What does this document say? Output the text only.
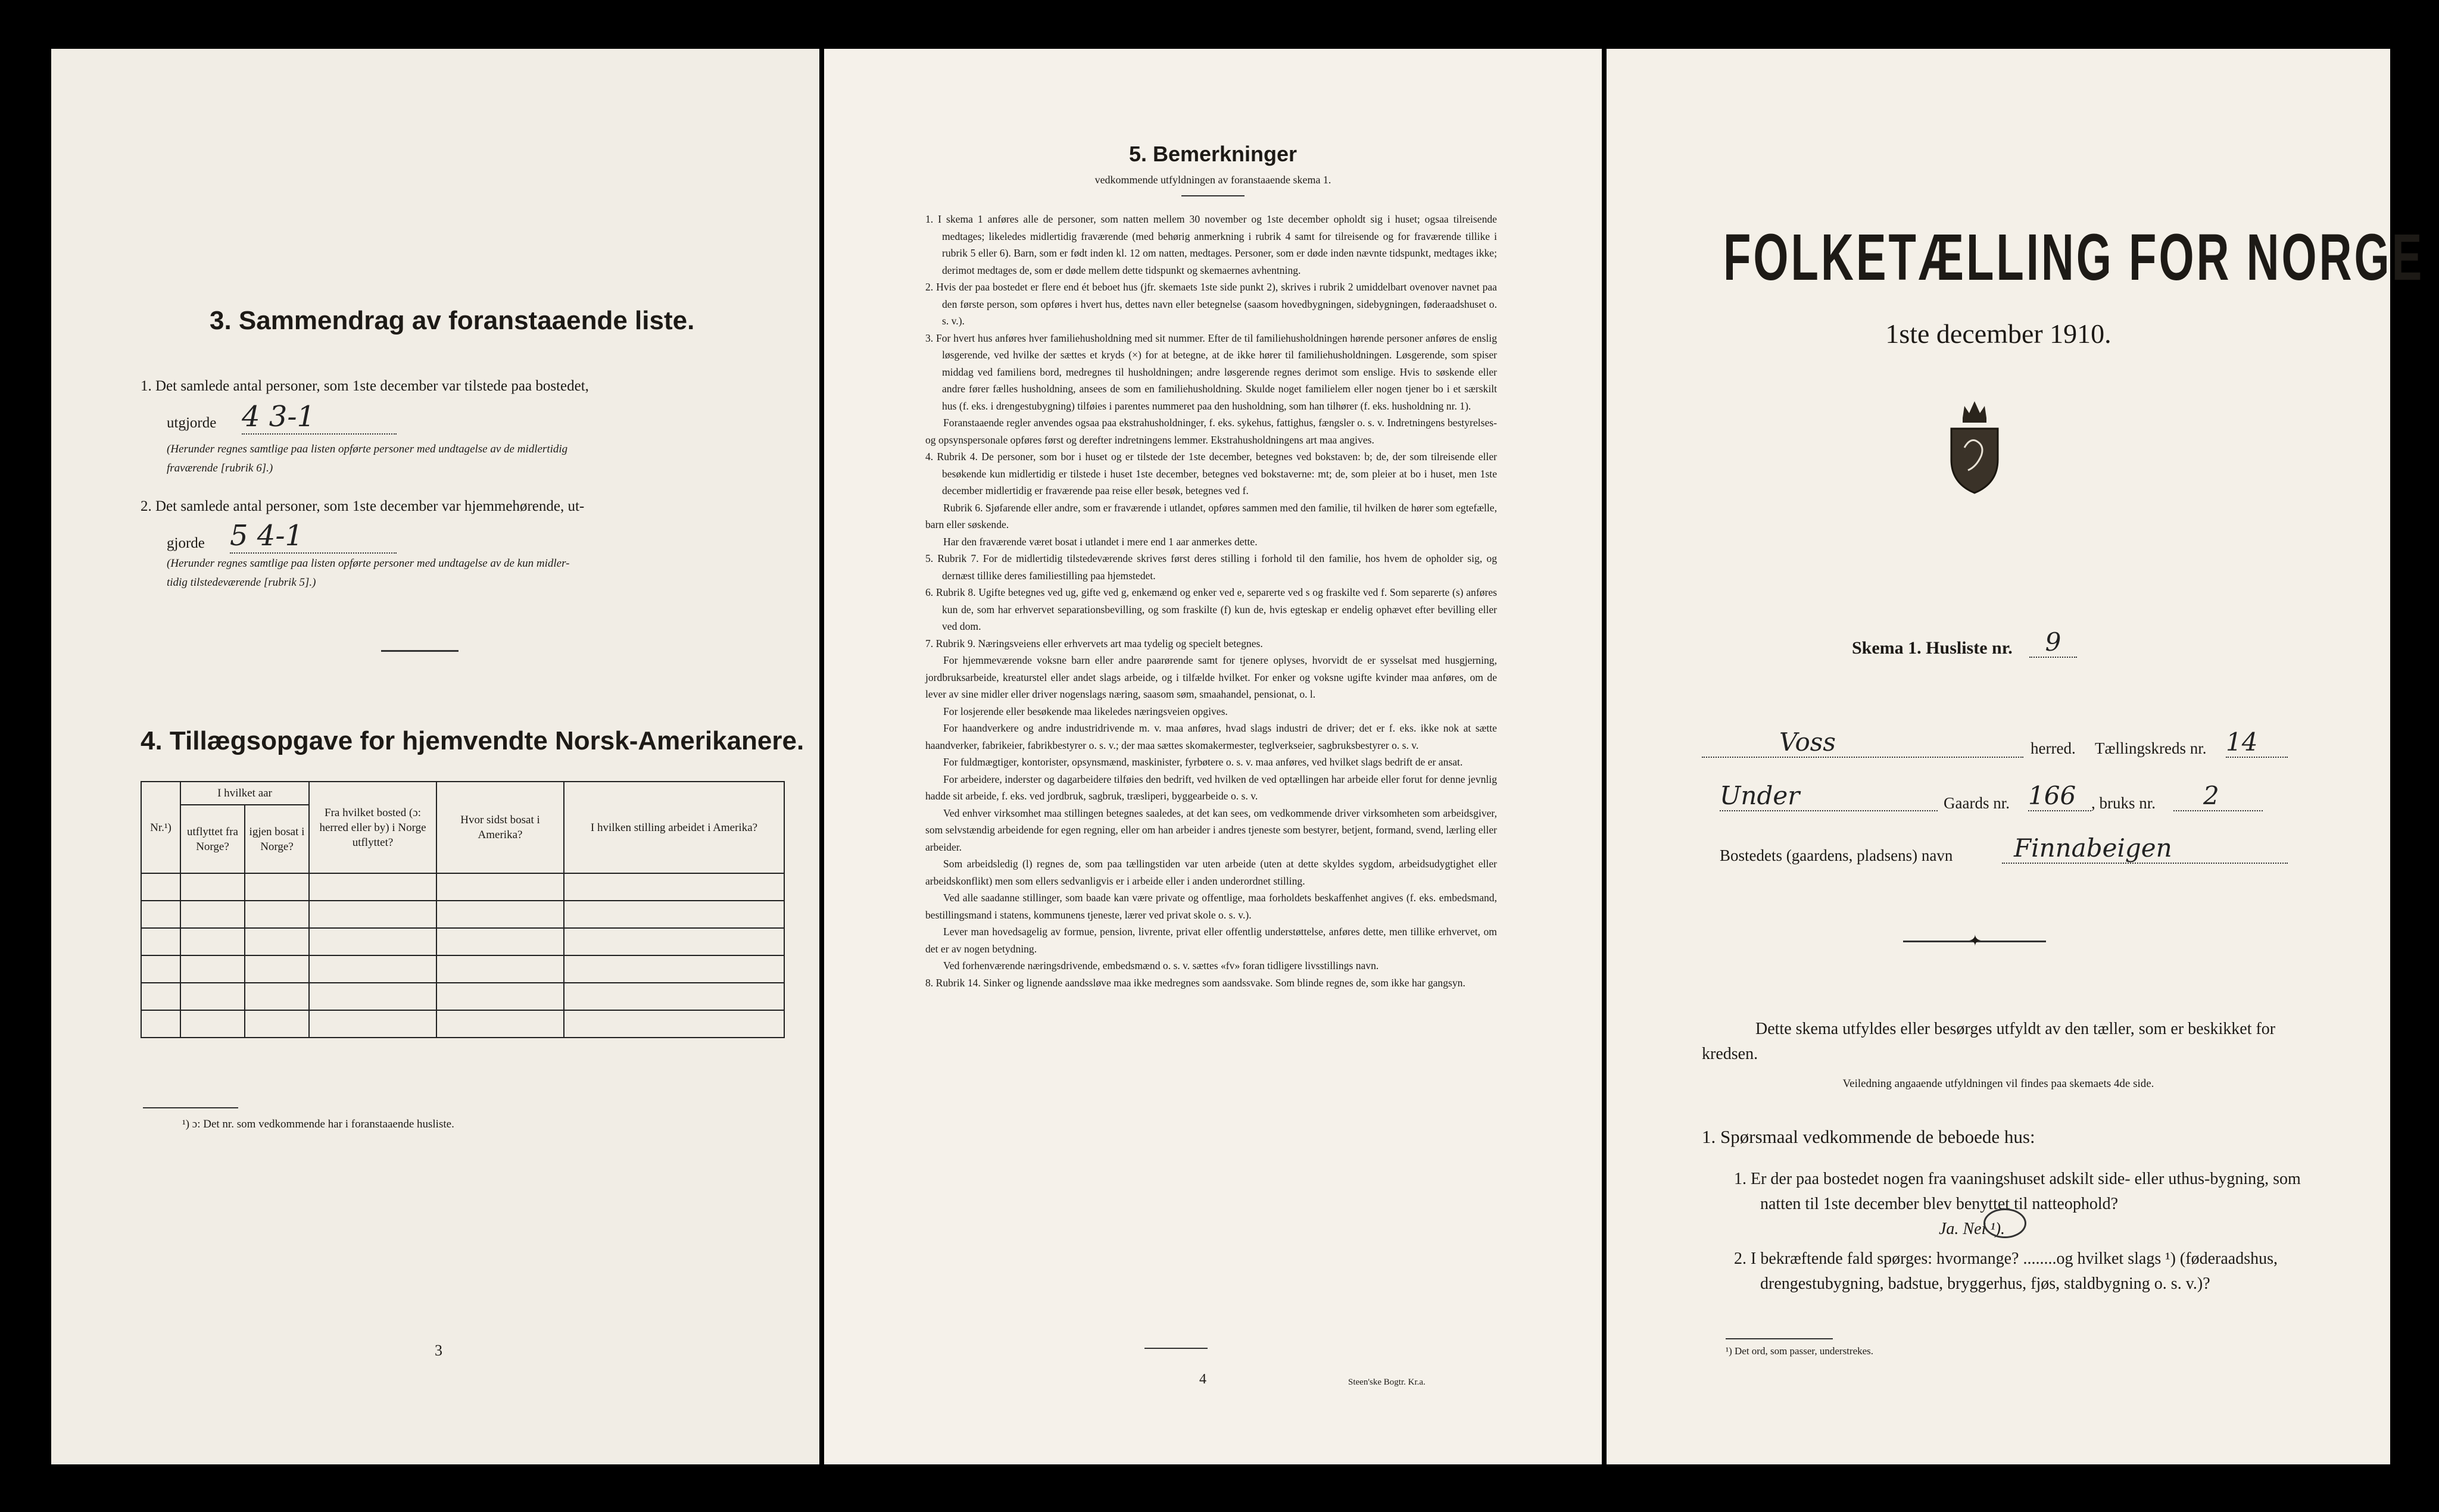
3. Sammendrag av foranstaaende liste.
1. Det samlede antal personer, som 1ste december var tilstede paa bostedet,
utgjorde 4 3-1
(Herunder regnes samtlige paa listen opførte personer med undtagelse av de midlertidig
fraværende [rubrik 6].)
2. Det samlede antal personer, som 1ste december var hjemmehørende, ut-
gjorde 5 4-1
(Herunder regnes samtlige paa listen opførte personer med undtagelse av de kun midler-
tidig tilstedeværende [rubrik 5].)
4. Tillægsopgave for hjemvendte Norsk-Amerikanere.
Nr.¹)	I hvilket aar		Fra hvilket bosted (ɔ: herred eller by) i Norge utflyttet?	Hvor sidst bosat i Amerika?	I hvilken stilling arbeidet i Amerika?
	utflyttet fra Norge?	igjen bosat i Norge?			

¹) ɔ: Det nr. som vedkommende har i foranstaaende husliste.
3
5. Bemerkninger
vedkommende utfyldningen av foranstaaende skema 1.

1. I skema 1 anføres alle de personer, som natten mellem 30 november og 1ste december opholdt sig i huset; ogsaa tilreisende medtages; likeledes midlertidig fraværende (med behørig anmerkning i rubrik 4 samt for tilreisende og for fraværende tillike i rubrik 5 eller 6). Barn, som er født inden kl. 12 om natten, medtages. Personer, som er døde inden nævnte tidspunkt, medtages ikke; derimot medtages de, som er døde mellem dette tidspunkt og skemaernes avhentning.

2. Hvis der paa bostedet er flere end ét beboet hus (jfr. skemaets 1ste side punkt 2), skrives i rubrik 2 umiddelbart ovenover navnet paa den første person, som opføres i hvert hus, dettes navn eller betegnelse (saasom hovedbygningen, sidebygningen, føderaadshuset o. s. v.).

3. For hvert hus anføres hver familiehusholdning med sit nummer. Efter de til familiehusholdningen hørende personer anføres de enslig løsgerende, ved hvilke der sættes et kryds (×) for at betegne, at de ikke hører til familiehusholdningen. Løsgerende, som spiser middag ved familiens bord, medregnes til husholdningen; andre løsgerende regnes derimot som enslige. Hvis to søskende eller andre fører fælles husholdning, ansees de som en familiehusholdning. Skulde noget familielem eller nogen tjener bo i et særskilt hus (f. eks. i drengestubygning) tilføies i parentes nummeret paa den husholdning, som han tilhører (f. eks. husholdning nr. 1).

Foranstaaende regler anvendes ogsaa paa ekstrahusholdninger, f. eks. sykehus, fattighus, fængsler o. s. v. Indretningens bestyrelses- og opsynspersonale opføres først og derefter indretningens lemmer. Ekstrahusholdningens art maa angives.

4. Rubrik 4. De personer, som bor i huset og er tilstede der 1ste december, betegnes ved bokstaven: b; de, der som tilreisende eller besøkende kun midlertidig er tilstede i huset 1ste december, betegnes ved bokstaverne: mt; de, som pleier at bo i huset, men 1ste december midlertidig er fraværende paa reise eller besøk, betegnes ved f.

Rubrik 6. Sjøfarende eller andre, som er fraværende i utlandet, opføres sammen med den familie, til hvilken de hører som egtefælle, barn eller søskende.

Har den fraværende været bosat i utlandet i mere end 1 aar anmerkes dette.

5. Rubrik 7. For de midlertidig tilstedeværende skrives først deres stilling i forhold til den familie, hos hvem de opholder sig, og dernæst tillike deres familiestilling paa hjemstedet.

6. Rubrik 8. Ugifte betegnes ved ug, gifte ved g, enkemænd og enker ved e, separerte ved s og fraskilte ved f. Som separerte (s) anføres kun de, som har erhvervet separationsbevilling, og som fraskilte (f) kun de, hvis egteskap er endelig ophævet efter bevilling eller ved dom.

7. Rubrik 9. Næringsveiens eller erhvervets art maa tydelig og specielt betegnes.

For hjemmeværende voksne barn eller andre paarørende samt for tjenere oplyses, hvorvidt de er sysselsat med husgjerning, jordbruksarbeide, kreaturstel eller andet slags arbeide, og i tilfælde hvilket. For enker og voksne ugifte kvinder maa anføres, om de lever av sine midler eller driver nogenslags næring, saasom søm, smaahandel, pensionat, o. l.

For losjerende eller besøkende maa likeledes næringsveien opgives.

For haandverkere og andre industridrivende m. v. maa anføres, hvad slags industri de driver; det er f. eks. ikke nok at sætte haandverker, fabrikeier, fabrikbestyrer o. s. v.; der maa sættes skomakermester, teglverkseier, sagbruksbestyrer o. s. v.

For fuldmægtiger, kontorister, opsynsmænd, maskinister, fyrbøtere o. s. v. maa anføres, ved hvilket slags bedrift de er ansat.

For arbeidere, inderster og dagarbeidere tilføies den bedrift, ved hvilken de ved optællingen har arbeide eller forut for denne jevnlig hadde sit arbeide, f. eks. ved jordbruk, sagbruk, træsliperi, byggearbeide o. s. v.

Ved enhver virksomhet maa stillingen betegnes saaledes, at det kan sees, om vedkommende driver virksomheten som arbeidsgiver, som selvstændig arbeidende for egen regning, eller om han arbeider i andres tjeneste som bestyrer, betjent, formand, svend, lærling eller arbeider.

Som arbeidsledig (l) regnes de, som paa tællingstiden var uten arbeide (uten at dette skyldes sygdom, arbeidsudygtighet eller arbeidskonflikt) men som ellers sedvanligvis er i arbeide eller i anden underordnet stilling.

Ved alle saadanne stillinger, som baade kan være private og offentlige, maa forholdets beskaffenhet angives (f. eks. embedsmand, bestillingsmand i statens, kommunens tjeneste, lærer ved privat skole o. s. v.).

Lever man hovedsagelig av formue, pension, livrente, privat eller offentlig understøttelse, anføres dette, men tillike erhvervet, om det er av nogen betydning.

Ved forhenværende næringsdrivende, embedsmænd o. s. v. sættes «fv» foran tidligere livsstillings navn.

8. Rubrik 14. Sinker og lignende aandssløve maa ikke medregnes som aandssvake. Som blinde regnes de, som ikke har gangsyn.

4	Steen'ske Bogtr. Kr.a.
FOLKETÆLLING FOR NORGE
1ste december 1910.
Skema 1. Husliste nr.	9
Voss	herred. Tællingskreds nr. 14
Under	Gaards nr. 166 , bruks nr.	2
Bostedets (gaardens, pladsens) navn	Finnabeigen
✦
Dette skema utfyldes eller besørges utfyldt av den tæller, som er beskikket for kredsen.
Veiledning angaaende utfyldningen vil findes paa skemaets 4de side.
1. Spørsmaal vedkommende de beboede hus:
1. Er der paa bostedet nogen fra vaaningshuset adskilt side- eller uthus-bygning, som natten til 1ste december blev benyttet til natteophold?
Ja. Nei ¹).
2. I bekræftende fald spørges: hvormange? ........og hvilket slags ¹) (føderaadshus, drengestubygning, badstue, bryggerhus, fjøs, staldbygning o. s. v.)?
¹) Det ord, som passer, understrekes.
